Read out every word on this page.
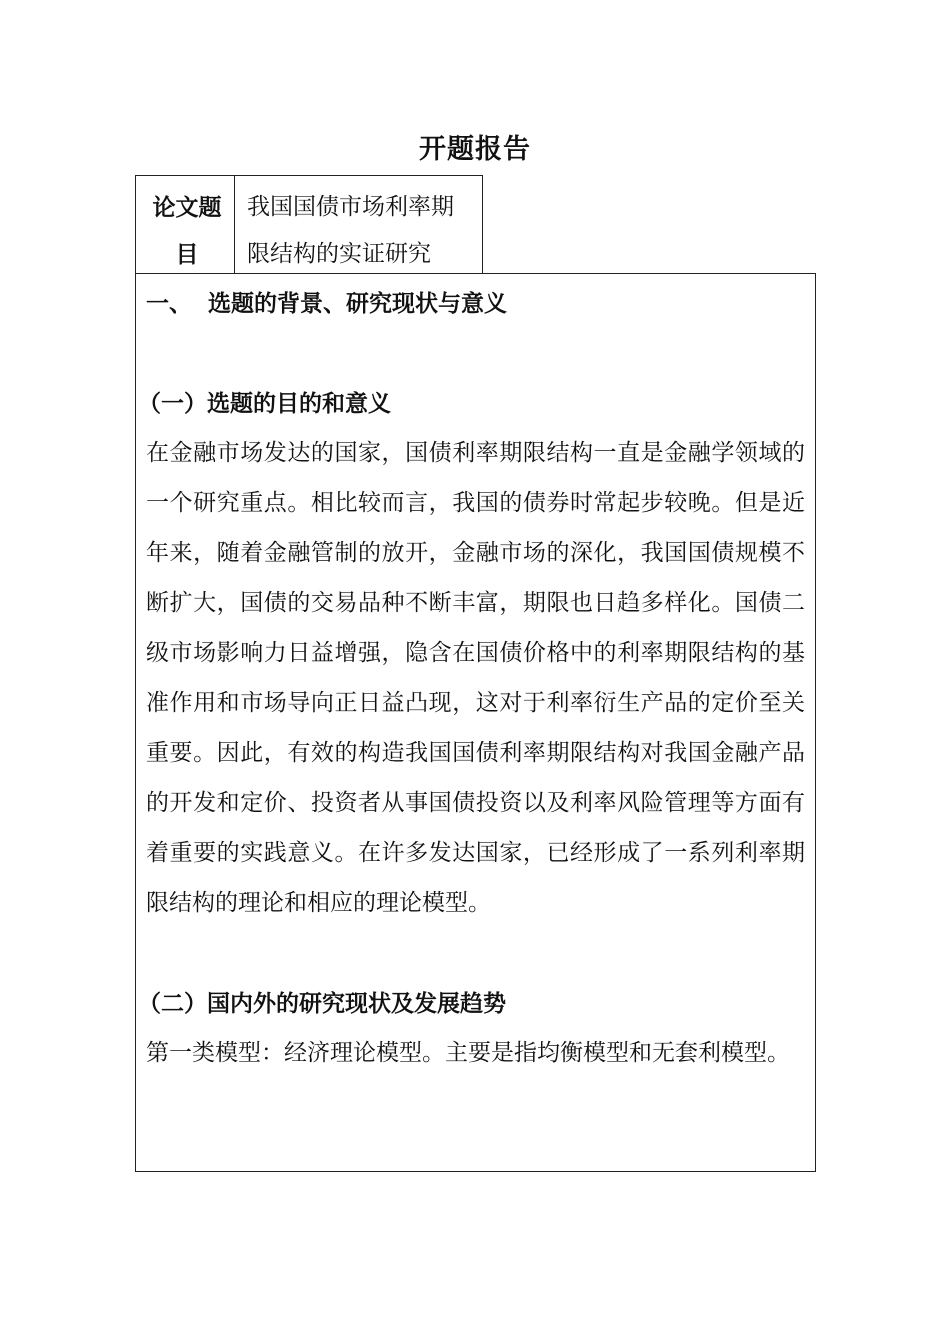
开题报告
论文题目
我国国债市场利率期限结构的实证研究

一、  选题的背景、研究现状与意义

（一）选题的目的和意义

在金融市场发达的国家，国债利率期限结构一直是金融学领域的一个研究重点。相比较而言，我国的债券时常起步较晚。但是近年来，随着金融管制的放开，金融市场的深化，我国国债规模不断扩大，国债的交易品种不断丰富，期限也日趋多样化。国债二级市场影响力日益增强，隐含在国债价格中的利率期限结构的基准作用和市场导向正日益凸现，这对于利率衍生产品的定价至关重要。因此，有效的构造我国国债利率期限结构对我国金融产品的开发和定价、投资者从事国债投资以及利率风险管理等方面有着重要的实践意义。在许多发达国家，已经形成了一系列利率期限结构的理论和相应的理论模型。

（二）国内外的研究现状及发展趋势

第一类模型：经济理论模型。主要是指均衡模型和无套利模型。
